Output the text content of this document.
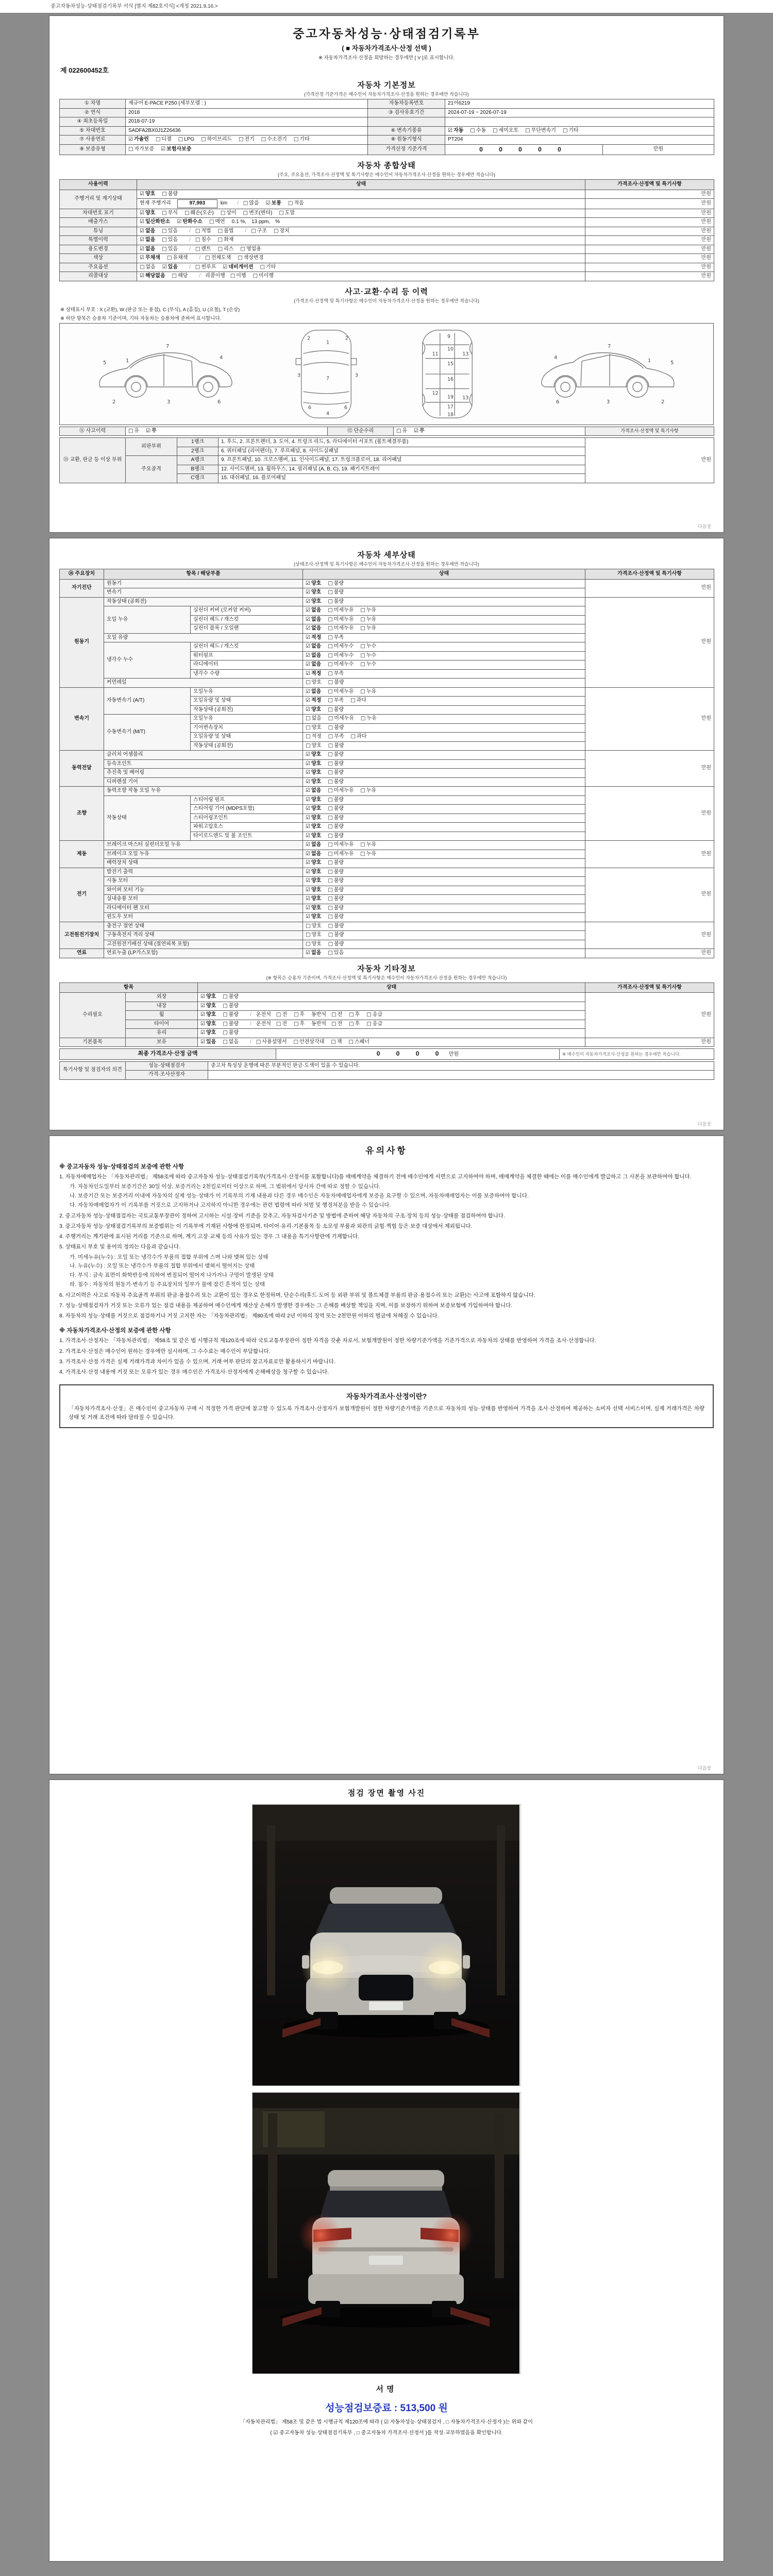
중고자동차성능·상태점검기록부 서식 [별지 제82호서식] <개정 2021.9.16.>
중고자동차성능·상태점검기록부
( ■ 자동차가격조사·산정 선택 )
※ 자동차가격조사·산정을 희망하는 경우에만 [ V ]로 표시합니다.
제 022600452호
자동차 기본정보
(가격산정 기준가격은 매수인이 자동차가격조사·산정을 원하는 경우에만 적습니다)
① 차명	재규어 E-PACE P250 (세부모델 : )	자동차등록번호	21어6219	
② 연식	2018	③ 검사유효기간	2024-07-19 ~ 2026-07-19	
④ 최초등록일	2018-07-19			
⑤ 차대번호	SADFA2BX0J1Z26436	⑥ 변속기종류	☑ 자동 □ 수동 □ 세미오토 □ 무단변속기 □ 기타	
⑦ 사용연료	☑ 가솔린 □ 디젤 □ LPG □ 하이브리드 □ 전기 □ 수소전기 □ 기타	⑧ 원동기형식	PT204	
⑨ 보증유형	□ 자가보증 ☑ 보험사보증	가격산정 기준가격	0 0 0 0 0	만원
자동차 종합상태
(주요, 주요옵션, 가격조사·산정액 및 특기사항은 매수인이 자동차가격조사·산정을 원하는 경우에만 적습니다)
사용이력	상태	가격조사·산정액 및 특기사항
주행거리 및 계기상태	☑ 양호 □ 불량	만원
	현재 주행거리 97,993 km / □ 많음 ☑ 보통 □ 적음	만원
차대번호 표기	☑ 양호 □ 부식 □ 훼손(오손) □ 상이 □ 변조(변타) □ 도말	만원
배출가스	☑ 일산화탄소 ☑ 탄화수소 □ 매연 0.1 %, 13 ppm, %	만원
튜닝	☑ 없음 □ 있음 / □ 적법 □ 불법 / □ 구조 □ 장치	만원
특별이력	☑ 없음 □ 있음 / □ 침수 □ 화재	만원
용도변경	☑ 없음 □ 있음 / □ 렌트 □ 리스 □ 영업용	만원
색상	☑ 무채색 □ 유채색 / □ 전체도색 □ 색상변경	만원
주요옵션	□ 없음 ☑ 있음 / □ 썬루프 ☑ 네비게이션 □ 기타	만원
리콜대상	☑ 해당없음 □ 해당 / 리콜이행 □ 이행 □ 미이행	만원
사고·교환·수리 등 이력
(가격조사·산정액 및 특기사항은 매수인이 자동차가격조사·산정을 원하는 경우에만 적습니다)
※ 상태표시 부호 : X (교환), W (판금 또는 용접), C (부식), A (흠집), U (요철), T (손상)
※ 하단 항목은 승용차 기준이며, 기타 자동차는 승용차에 준하여 표시합니다.
1
5
7
2	3	6
4
1
2	2
7
3	3
6	6
4
9
10
11	13
15
16
12
19 13
17
18
1	5
7
2
3
6
4
⑪ 사고이력	□ 유 ☑ 무	⑫ 단순수리	□ 유 ☑ 무	가격조사·산정액 및 특기사항
⑬ 교환, 판금 등 이상 부위	외판부위	1랭크	1. 후드, 2. 프론트펜더, 3. 도어, 4. 트렁크 리드, 5. 라디에이터 서포트 (볼트체결부품)	만원
		2랭크	6. 쿼터패널 (리어펜더), 7. 루프패널, 8. 사이드실패널	
	주요골격	A랭크	9. 프론트패널, 10. 크로스멤버, 11. 인사이드패널, 17. 트렁크플로어, 18. 리어패널	
		B랭크	12. 사이드멤버, 13. 휠하우스, 14. 필러패널 (A, B, C), 19. 패키지트레이	
		C랭크	15. 대쉬패널, 16. 플로어패널	
다음장
자동차 세부상태
(상태조사·산정액 및 특기사항은 매수인이 자동차가격조사·산정을 원하는 경우에만 적습니다)
⑭ 주요장치	항목 / 해당부품		상태	가격조사·산정액 및 특기사항
자기진단	원동기		☑ 양호 □ 불량	만원
	변속기		☑ 양호 □ 불량	
원동기	작동상태 (공회전)		☑ 양호 □ 불량	만원
	오일 누유	실린더 커버 (로커암 커버)	☑ 없음 □ 미세누유 □ 누유	
		실린더 헤드 / 개스킷	☑ 없음 □ 미세누유 □ 누유	
		실린더 블록 / 오일팬	☑ 없음 □ 미세누유 □ 누유	
	오일 유량		☑ 적정 □ 부족	
	냉각수 누수	실린더 헤드 / 개스킷	☑ 없음 □ 미세누수 □ 누수	
		워터펌프	☑ 없음 □ 미세누수 □ 누수	
		라디에이터	☑ 없음 □ 미세누수 □ 누수	
		냉각수 수량	☑ 적정 □ 부족	
	커먼레일		□ 양호 □ 불량	
변속기	자동변속기 (A/T)	오일누유	☑ 없음 □ 미세누유 □ 누유	만원
		오일유량 및 상태	☑ 적정 □ 부족 □ 과다	
		작동상태 (공회전)	☑ 양호 □ 불량	
	수동변속기 (M/T)	오일누유	□ 없음 □ 미세누유 □ 누유	
		기어변속장치	□ 양호 □ 불량	
		오일유량 및 상태	□ 적정 □ 부족 □ 과다	
		작동상태 (공회전)	□ 양호 □ 불량	
동력전달	클러치 어셈블리		☑ 양호 □ 불량	만원
	등속조인트		☑ 양호 □ 불량	
	추진축 및 베어링		☑ 양호 □ 불량	
	디퍼렌셜 기어		☑ 양호 □ 불량	
조향	동력조향 작동 오일 누유		☑ 없음 □ 미세누유 □ 누유	만원
	작동상태	스티어링 펌프	☑ 양호 □ 불량	
		스티어링 기어 (MDPS포함)	☑ 양호 □ 불량	
		스티어링조인트	☑ 양호 □ 불량	
		파워고압호스	☑ 양호 □ 불량	
		타이로드엔드 및 볼 조인트	☑ 양호 □ 불량	
제동	브레이크 마스터 실린더오일 누유		☑ 없음 □ 미세누유 □ 누유	만원
	브레이크 오일 누유		☑ 없음 □ 미세누유 □ 누유	
	배력장치 상태		☑ 양호 □ 불량	
전기	발전기 출력		☑ 양호 □ 불량	만원
	시동 모터		☑ 양호 □ 불량	
	와이퍼 모터 기능		☑ 양호 □ 불량	
	실내송풍 모터		☑ 양호 □ 불량	
	라디에이터 팬 모터		☑ 양호 □ 불량	
	윈도우 모터		☑ 양호 □ 불량	
고전원전기장치	충전구 절연 상태		□ 양호 □ 불량	만원
	구동축전지 격리 상태		□ 양호 □ 불량	
	고전원전기배선 상태 (절연피복 포함)		□ 양호 □ 불량	
연료	연료누출 (LP가스포함)		☑ 없음 □ 있음	만원
자동차 기타정보
(※ 항목은 승용차 기준이며, 가격조사·산정액 및 특기사항은 매수인이 자동차가격조사·산정을 원하는 경우에만 적습니다)
항목		상태	가격조사·산정액 및 특기사항
수리필요	외장	☑ 양호 □ 불량	만원
	내장	☑ 양호 □ 불량	
	휠	☑ 양호 □ 불량 / 운전석 □ 전 □ 후 동반석 □ 전 □ 후 □ 응급	
	타이어	☑ 양호 □ 불량 / 운전석 □ 전 □ 후 동반석 □ 전 □ 후 □ 응급	
	유리	☑ 양호 □ 불량	
기본품목	보유	☑ 있음 □ 없음 / □ 사용설명서 □ 안전삼각대 □ 잭 □ 스패너	만원
최종 가격조사·산정 금액	0 0 0 0  만원	※ 매수인이 자동차가격조사·산정을 원하는 경우에만 적습니다.
특기사항 및 점검자의 의견	성능·상태점검자	중고차 특성상 운행에 따른 부분적인 판금·도색이 있을 수 있습니다.
	가격·조사산정자	
다음장
유의사항
※ 중고자동차 성능·상태점검의 보증에 관한 사항
1. 자동차매매업자는 「자동차관리법」 제58조에 따라 중고자동차 성능·상태점검기록부(가격조사·산정서를 포함합니다)를 매매계약을 체결하기 전에 매수인에게 서면으로 고지하여야 하며, 매매계약을 체결한 때에는 이를 매수인에게 발급하고 그 사본을 보관하여야 합니다.
가. 자동차인도일부터 보증기간은 30일 이상, 보증거리는 2천킬로미터 이상으로 하며, 그 범위에서 당사자 간에 따로 정할 수 있습니다.
나. 보증기간 또는 보증거리 이내에 자동차의 실제 성능·상태가 이 기록부의 기재 내용과 다른 경우 매수인은 자동차매매업자에게 보증을 요구할 수 있으며, 자동차매매업자는 이를 보증하여야 합니다.
다. 자동차매매업자가 이 기록부를 거짓으로 고지하거나 고지하지 아니한 경우에는 관련 법령에 따라 처벌 및 행정처분을 받을 수 있습니다.
2. 중고자동차 성능·상태점검자는 국토교통부장관이 정하여 고시하는 시설·장비 기준을 갖추고, 자동차검사기준 및 방법에 준하여 해당 자동차의 구조·장치 등의 성능·상태를 점검하여야 합니다.
3. 중고자동차 성능·상태점검기록부의 보증범위는 이 기록부에 기재된 사항에 한정되며, 타이어·유리·기본품목 등 소모성 부품과 외관의 긁힘·찍힘 등은 보증 대상에서 제외됩니다.
4. 주행거리는 계기판에 표시된 거리를 기준으로 하며, 계기 고장·교체 등의 사유가 있는 경우 그 내용을 특기사항란에 기재합니다.
5. 상태표시 부호 및 용어의 정의는 다음과 같습니다.
가. 미세누유(누수) : 오일 또는 냉각수가 부품의 접합 부위에 스며 나와 맺혀 있는 상태
나. 누유(누수) : 오일 또는 냉각수가 부품의 접합 부위에서 맺혀서 떨어지는 상태
다. 부식 : 금속 표면이 화학반응에 의하여 변질되어 떨어져 나가거나 구멍이 발생된 상태
라. 침수 : 자동차의 원동기·변속기 등 주요장치의 일부가 물에 잠긴 흔적이 있는 상태
6. 사고이력은 사고로 자동차 주요골격 부위의 판금·용접수리 또는 교환이 있는 경우로 한정하며, 단순수리(후드·도어 등 외판 부위 및 볼트체결 부품의 판금·용접수리 또는 교환)는 사고에 포함하지 않습니다.
7. 성능·상태점검자가 거짓 또는 오류가 있는 점검 내용을 제공하여 매수인에게 재산상 손해가 발생한 경우에는 그 손해를 배상할 책임을 지며, 이를 보장하기 위하여 보증보험에 가입하여야 합니다.
8. 자동차의 성능·상태를 거짓으로 점검하거나 거짓 고지한 자는 「자동차관리법」 제80조에 따라 2년 이하의 징역 또는 2천만원 이하의 벌금에 처해질 수 있습니다.
※ 자동차가격조사·산정의 보증에 관한 사항
1. 가격조사·산정자는 「자동차관리법」 제58조 및 같은 법 시행규칙 제120조에 따라 국토교통부장관이 정한 자격을 갖춘 자로서, 보험개발원이 정한 차량기준가액을 기준가격으로 자동차의 상태를 반영하여 가격을 조사·산정합니다.
2. 가격조사·산정은 매수인이 원하는 경우에만 실시하며, 그 수수료는 매수인이 부담합니다.
3. 가격조사·산정 가격은 실제 거래가격과 차이가 있을 수 있으며, 거래 여부 판단의 참고자료로만 활용하시기 바랍니다.
4. 가격조사·산정 내용에 거짓 또는 오류가 있는 경우 매수인은 가격조사·산정자에게 손해배상을 청구할 수 있습니다.
자동차가격조사·산정이란?
「자동차가격조사·산정」은 매수인이 중고자동차 구매 시 적정한 가격 판단에 참고할 수 있도록 가격조사·산정자가 보험개발원이 정한 차량기준가액을 기준으로 자동차의 성능·상태를 반영하여 가격을 조사·산정하여 제공하는 소비자 선택 서비스이며, 실제 거래가격은 차량 상태 및 거래 조건에 따라 달라질 수 있습니다.
다음장
점검 장면 촬영 사진
서명
성능점검보증료 : 513,500 원
「자동차관리법」 제58조 및 같은 법 시행규칙 제120조에 따라 ( ☑ 자동차성능·상태점검자 , □ 자동차가격조사·산정자 )는 위와 같이
( ☑ 중고자동차 성능·상태점검기록부 , □ 중고자동차 가격조사·산정서 )를 작성·교부하였음을 확인합니다.
